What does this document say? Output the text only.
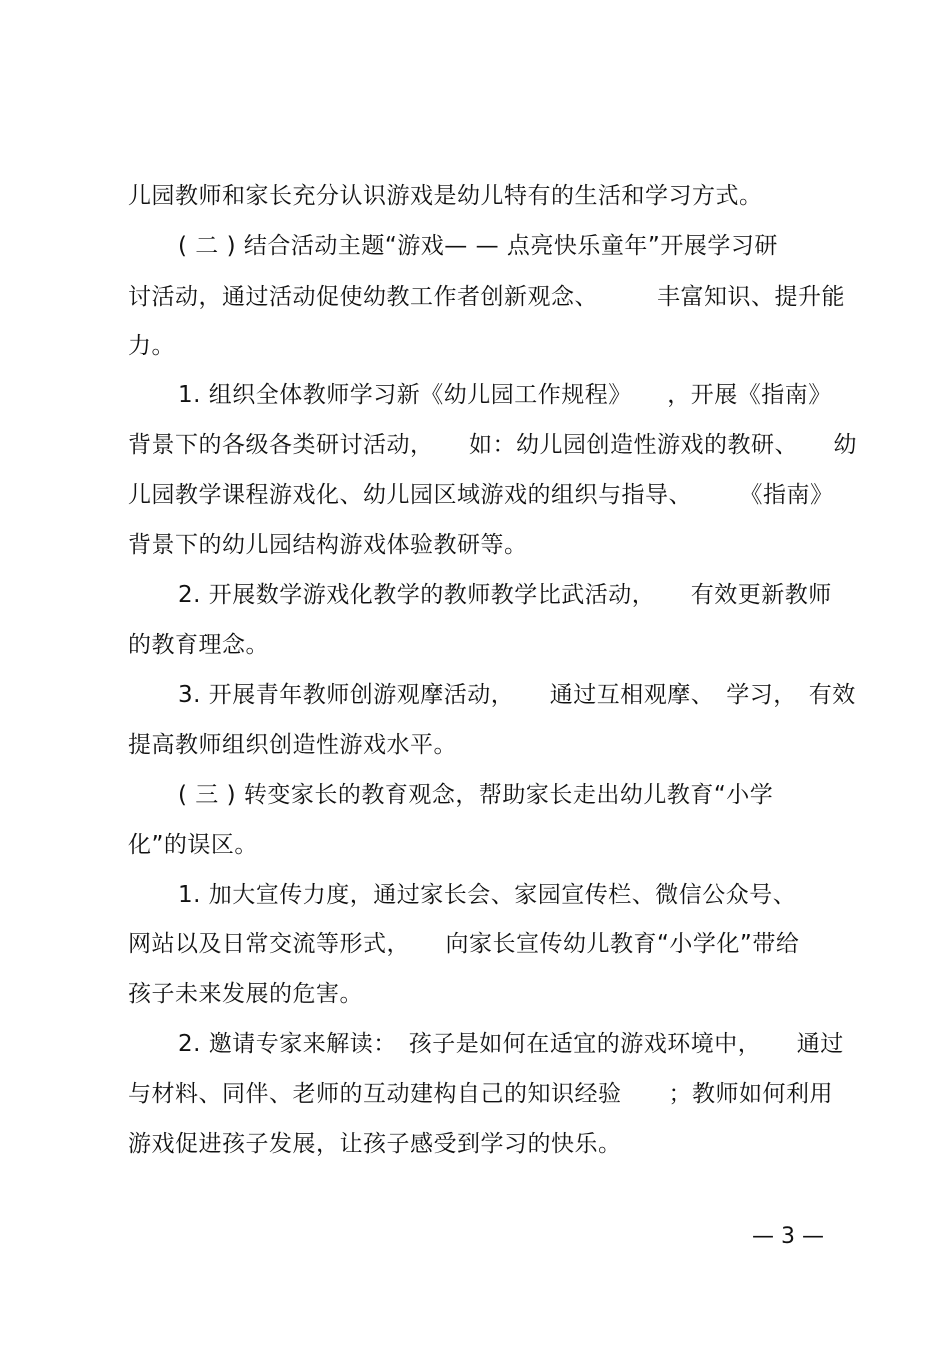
儿园教师和家长充分认识游戏是幼儿特有的生活和学习方式。
( 二 ) 结合活动主题“游戏— — 点亮快乐童年”开展学习研
讨活动，通过活动促使幼教工作者创新观念、　　　丰富知识、提升能
力。
1. 组织全体教师学习新《幼儿园工作规程》　　，开展《指南》
背景下的各级各类研讨活动，　　如：幼儿园创造性游戏的教研、　　幼
儿园教学课程游戏化、幼儿园区域游戏的组织与指导、　　　《指南》
背景下的幼儿园结构游戏体验教研等。
2. 开展数学游戏化教学的教师教学比武活动，　　有效更新教师
的教育理念。
3. 开展青年教师创游观摩活动，　　通过互相观摩、　学习，　有效
提高教师组织创造性游戏水平。
( 三 ) 转变家长的教育观念，帮助家长走出幼儿教育“小学
化”的误区。
1. 加大宣传力度，通过家长会、家园宣传栏、微信公众号、
网站以及日常交流等形式，　　向家长宣传幼儿教育“小学化”带给
孩子未来发展的危害。
2. 邀请专家来解读：　孩子是如何在适宜的游戏环境中，　　通过
与材料、同伴、老师的互动建构自己的知识经验　　；教师如何利用
游戏促进孩子发展，让孩子感受到学习的快乐。
— 3 —
